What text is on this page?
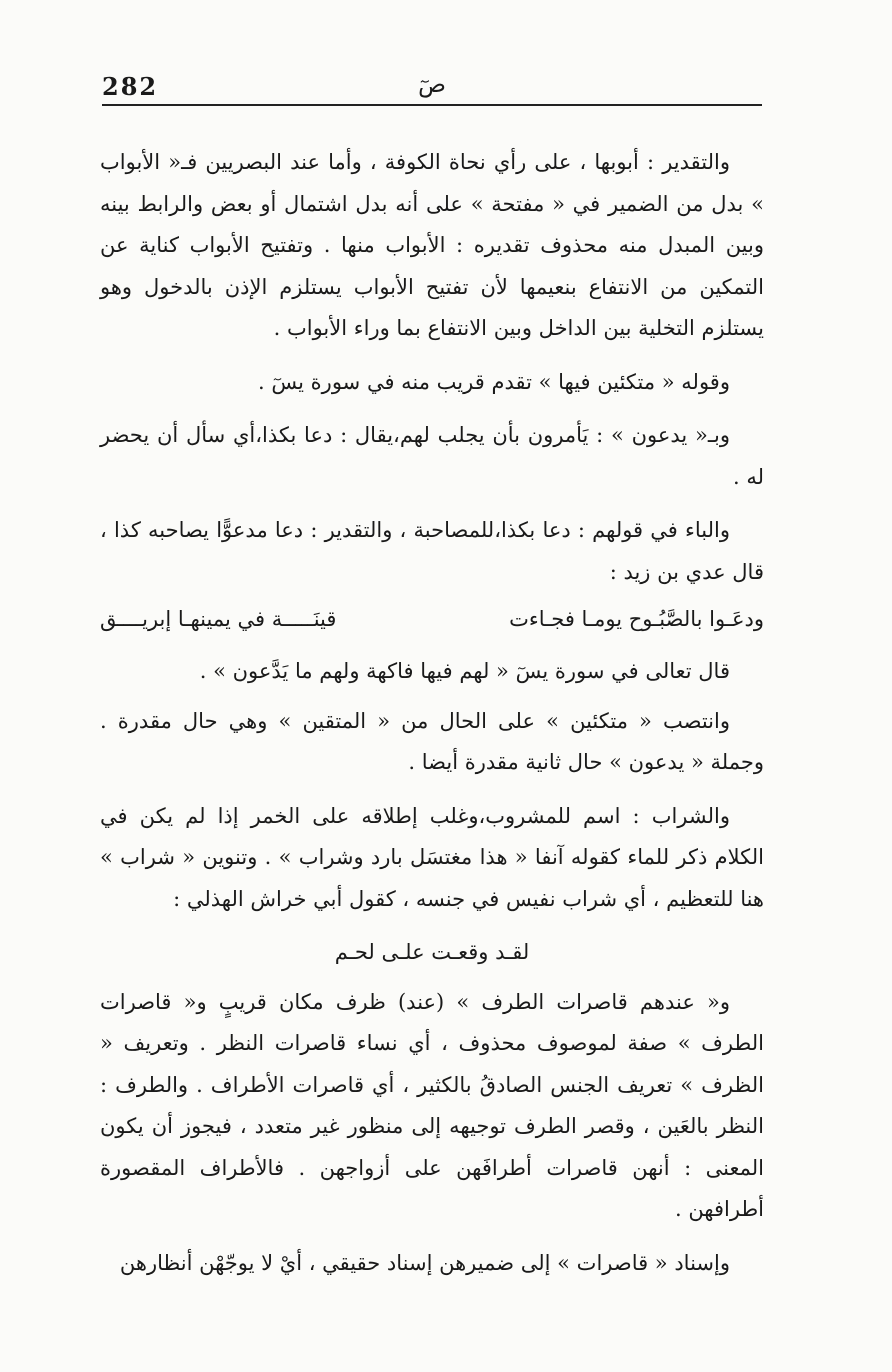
282	صٓ

والتقدير : أبوبها ، على رأي نحاة الكوفة ، وأما عند البصريين فـ« الأبواب » بدل من الضمير في « مفتحة » على أنه بدل اشتمال أو بعض والرابط بينه وبين المبدل منه محذوف تقديره : الأبواب منها . وتفتيح الأبواب كناية عن التمكين من الانتفاع بنعيمها لأن تفتيح الأبواب يستلزم الإذن بالدخول وهو يستلزم التخلية بين الداخل وبين الانتفاع بما وراء الأبواب .

وقوله « متكئين فيها » تقدم قريب منه في سورة يسٓ .

وبـ« يدعون » : يَأمرون بأن يجلب لهم،يقال : دعا بكذا،أي سأل أن يحضر له .

والباء في قولهم : دعا بكذا،للمصاحبة ، والتقدير : دعا مدعوًّا يصاحبه كذا ، قال عدي بن زيد :

ودعَـوا بالصَّبُـوح يومـا فجـاءت
قينَـــــة في يمينهـا إبريــــق

قال تعالى في سورة يسٓ « لهم فيها فاكهة ولهم ما يَدَّعون » .

وانتصب « متكئين » على الحال من « المتقين » وهي حال مقدرة . وجملة « يدعون » حال ثانية مقدرة أيضا .

والشراب : اسم للمشروب،وغلب إطلاقه على الخمر إذا لم يكن في الكلام ذكر للماء كقوله آنفا « هذا مغتسَل بارد وشراب » . وتنوين « شراب » هنا للتعظيم ، أي شراب نفيس في جنسه ، كقول أبي خراش الهذلي :

لقـد وقعـت علـى لحـم

و« عندهم قاصرات الطرف » (عند) ظرف مكان قريبٍ و« قاصرات الطرف » صفة لموصوف محذوف ، أي نساء قاصرات النظر . وتعريف « الظرف » تعريف الجنس الصادقُ بالكثير ، أي قاصرات الأطراف . والطرف : النظر بالعَين ، وقصر الطرف توجيهه إلى منظور غير متعدد ، فيجوز أن يكون المعنى : أنهن قاصرات أطرافَهن على أزواجهن . فالأطراف المقصورة أطرافهن .

وإسناد « قاصرات » إلى ضميرهن إسناد حقيقي ، أيْ لا يوجّهْن أنظارهن
